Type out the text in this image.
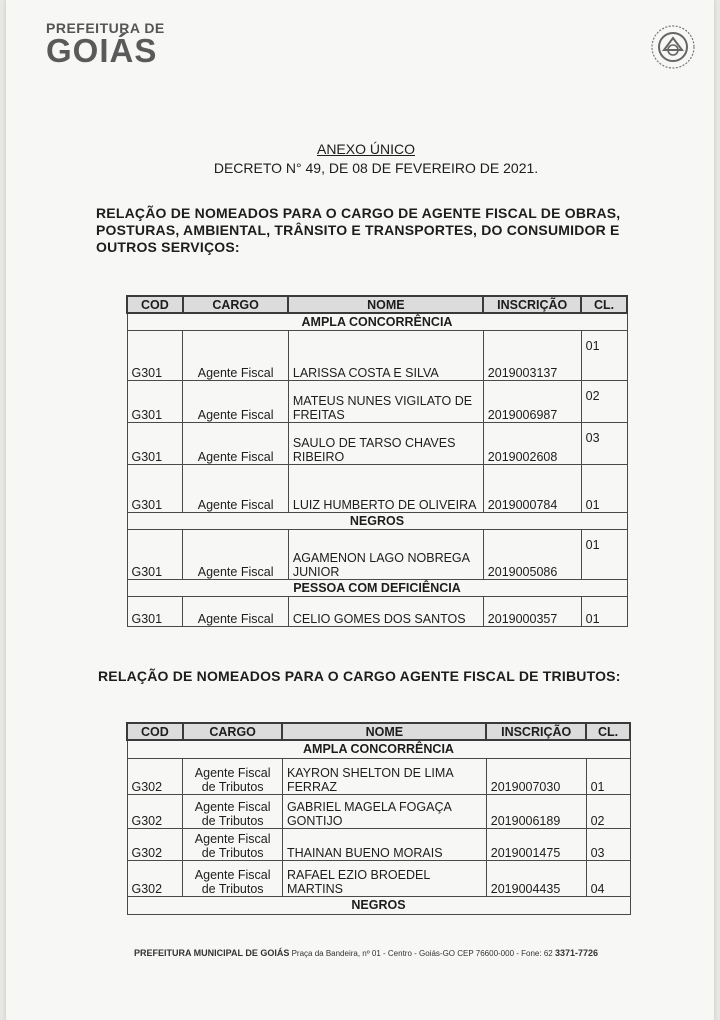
PREFEITURA DE
GOIÁS
ANEXO ÚNICO
DECRETO N° 49, DE 08 DE FEVEREIRO DE 2021.
RELAÇÃO DE NOMEADOS PARA O CARGO DE AGENTE FISCAL DE OBRAS, POSTURAS, AMBIENTAL, TRÂNSITO E TRANSPORTES, DO CONSUMIDOR E OUTROS SERVIÇOS:
COD	CARGO	NOME	INSCRIÇÃO	CL.
AMPLA CONCORRÊNCIA				
G301	Agente Fiscal	LARISSA COSTA E SILVA	2019003137	01
G301	Agente Fiscal	MATEUS NUNES VIGILATO DE FREITAS	2019006987	02
G301	Agente Fiscal	SAULO DE TARSO CHAVES RIBEIRO	2019002608	03
G301	Agente Fiscal	LUIZ HUMBERTO DE OLIVEIRA	2019000784	01
NEGROS				
G301	Agente Fiscal	AGAMENON LAGO NOBREGA JUNIOR	2019005086	01
PESSOA COM DEFICIÊNCIA				
G301	Agente Fiscal	CELIO GOMES DOS SANTOS	2019000357	01
RELAÇÃO DE NOMEADOS PARA O CARGO AGENTE FISCAL DE TRIBUTOS:
COD	CARGO	NOME	INSCRIÇÃO	CL.
AMPLA CONCORRÊNCIA				
G302	Agente Fiscal de Tributos	KAYRON SHELTON DE LIMA FERRAZ	2019007030	01
G302	Agente Fiscal de Tributos	GABRIEL MAGELA FOGAÇA GONTIJO	2019006189	02
G302	Agente Fiscal de Tributos	THAINAN BUENO MORAIS	2019001475	03
G302	Agente Fiscal de Tributos	RAFAEL EZIO BROEDEL MARTINS	2019004435	04
NEGROS				
PREFEITURA MUNICIPAL DE GOIÁS Praça da Bandeira, nº 01 - Centro - Goiás-GO CEP 76600-000 - Fone: 62 3371-7726
